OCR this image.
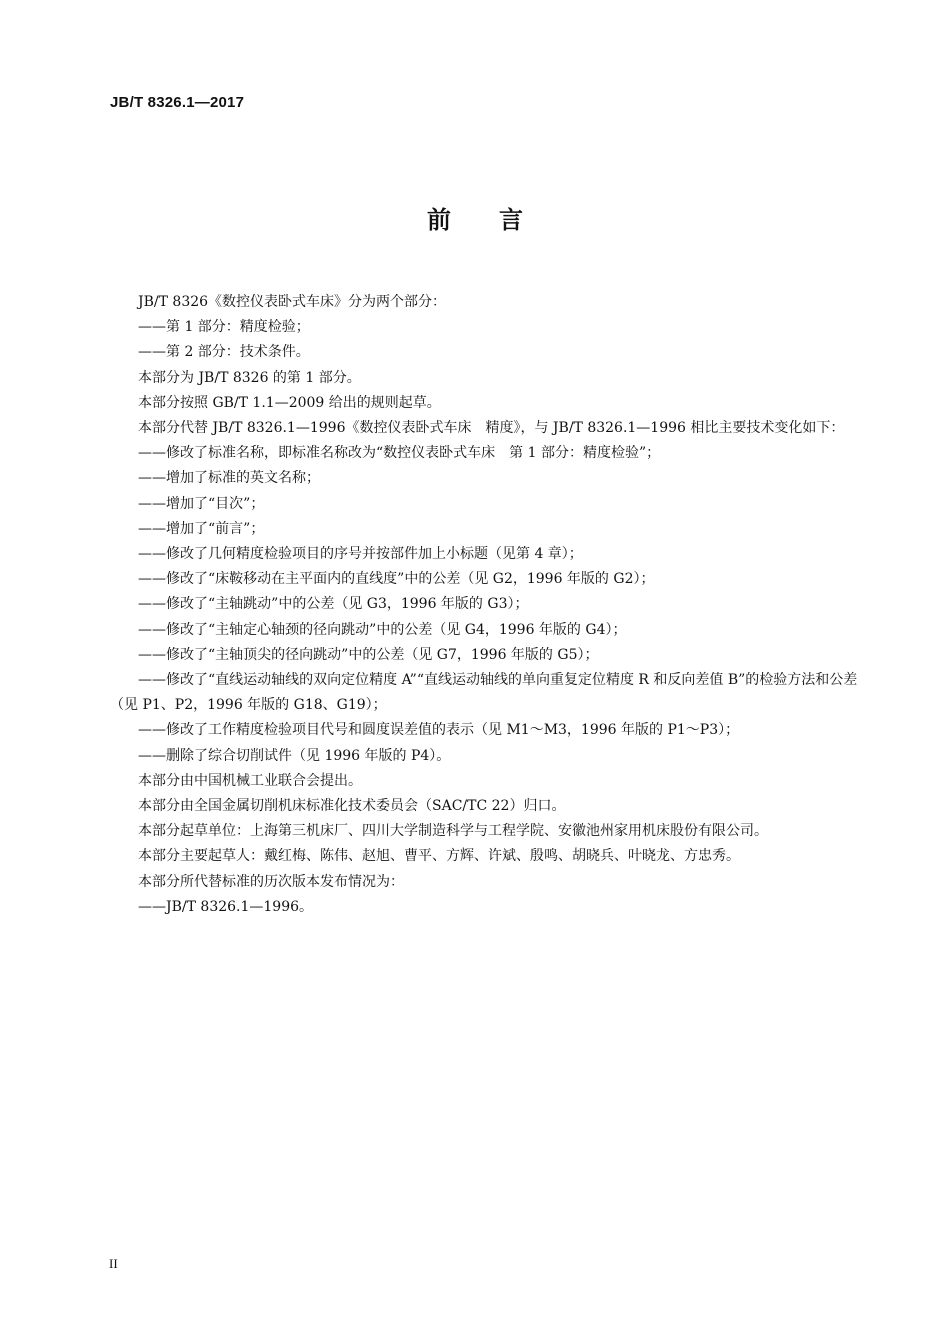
JB/T 8326.1—2017
前言

JB/T 8326《数控仪表卧式车床》分为两个部分：

——第 1 部分：精度检验；

——第 2 部分：技术条件。

本部分为 JB/T 8326 的第 1 部分。

本部分按照 GB/T 1.1—2009 给出的规则起草。

本部分代替 JB/T 8326.1—1996《数控仪表卧式车床　精度》，与 JB/T 8326.1—1996 相比主要技术变化如下：

——修改了标准名称，即标准名称改为“数控仪表卧式车床　第 1 部分：精度检验”；

——增加了标准的英文名称；

——增加了“目次”；

——增加了“前言”；

——修改了几何精度检验项目的序号并按部件加上小标题（见第 4 章）；

——修改了“床鞍移动在主平面内的直线度”中的公差（见 G2，1996 年版的 G2）；

——修改了“主轴跳动”中的公差（见 G3，1996 年版的 G3）；

——修改了“主轴定心轴颈的径向跳动”中的公差（见 G4，1996 年版的 G4）；

——修改了“主轴顶尖的径向跳动”中的公差（见 G7，1996 年版的 G5）；

——修改了“直线运动轴线的双向定位精度 A”“直线运动轴线的单向重复定位精度 R 和反向差值 B”的检验方法和公差（见 P1、P2，1996 年版的 G18、G19）；

——修改了工作精度检验项目代号和圆度误差值的表示（见 M1～M3，1996 年版的 P1～P3）；

——删除了综合切削试件（见 1996 年版的 P4）。

本部分由中国机械工业联合会提出。

本部分由全国金属切削机床标准化技术委员会（SAC/TC 22）归口。

本部分起草单位：上海第三机床厂、四川大学制造科学与工程学院、安徽池州家用机床股份有限公司。

本部分主要起草人：戴红梅、陈伟、赵旭、曹平、方辉、许斌、殷鸣、胡晓兵、叶晓龙、方忠秀。

本部分所代替标准的历次版本发布情况为：

——JB/T 8326.1—1996。

II
